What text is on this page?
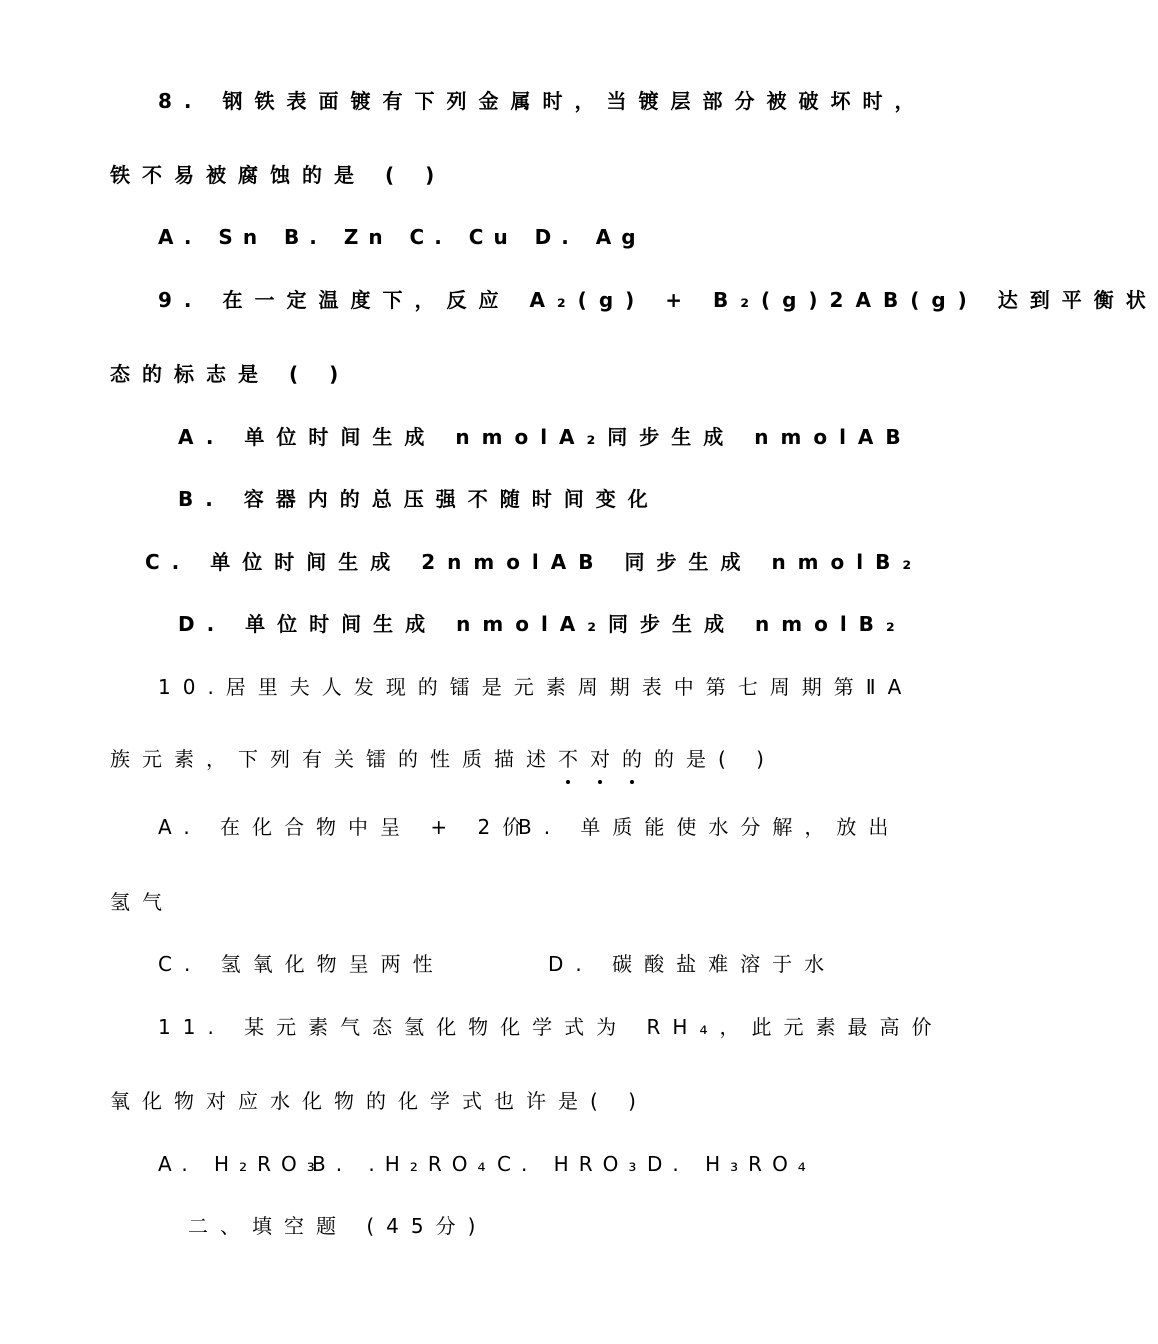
8. 钢铁表面镀有下列金属时，当镀层部分被破坏时，
铁不易被腐蚀的是 ( )
A. Sn B. Zn C. Cu D. Ag
9. 在一定温度下，反应 A₂(g) + B₂(g)2AB(g) 达到平衡状
态的标志是 ( )
A. 单位时间生成 nmolA₂同步生成 nmolAB
B. 容器内的总压强不随时间变化
C. 单位时间生成 2nmolAB 同步生成 nmolB₂
D. 单位时间生成 nmolA₂同步生成 nmolB₂
10.居里夫人发现的镭是元素周期表中第七周期第ⅡA
族元素，下列有关镭的性质描述不对的的是( )
A. 在化合物中呈 + 2价
B. 单质能使水分解，放出
氢气
C. 氢氧化物呈两性	D. 碳酸盐难溶于水
11. 某元素气态氢化物化学式为 RH₄，此元素最高价
氧化物对应水化物的化学式也许是( )
A. H₂RO₃
B. .H₂RO₄ C. HRO₃ D. H₃RO₄
二、填空题 (45分)
